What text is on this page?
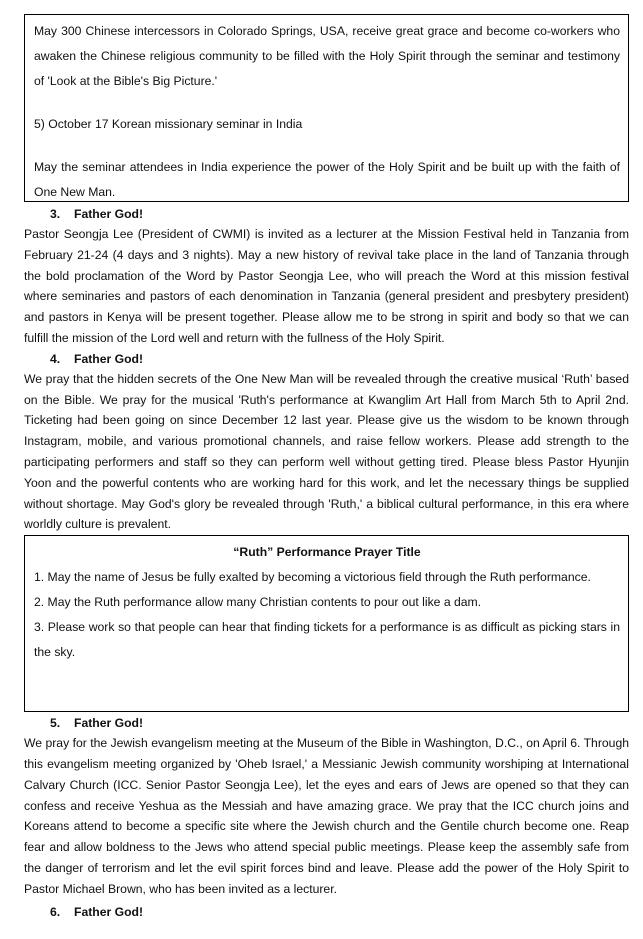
May 300 Chinese intercessors in Colorado Springs, USA, receive great grace and become co-workers who awaken the Chinese religious community to be filled with the Holy Spirit through the seminar and testimony of 'Look at the Bible's Big Picture.'

5) October 17 Korean missionary seminar in India

May the seminar attendees in India experience the power of the Holy Spirit and be built up with the faith of One New Man.

3. Father God!

Pastor Seongja Lee (President of CWMI) is invited as a lecturer at the Mission Festival held in Tanzania from February 21-24 (4 days and 3 nights). May a new history of revival take place in the land of Tanzania through the bold proclamation of the Word by Pastor Seongja Lee, who will preach the Word at this mission festival where seminaries and pastors of each denomination in Tanzania (general president and presbytery president) and pastors in Kenya will be present together. Please allow me to be strong in spirit and body so that we can fulfill the mission of the Lord well and return with the fullness of the Holy Spirit.

4. Father God!

We pray that the hidden secrets of the One New Man will be revealed through the creative musical ‘Ruth’ based on the Bible. We pray for the musical 'Ruth's performance at Kwanglim Art Hall from March 5th to April 2nd. Ticketing had been going on since December 12 last year. Please give us the wisdom to be known through Instagram, mobile, and various promotional channels, and raise fellow workers. Please add strength to the participating performers and staff so they can perform well without getting tired. Please bless Pastor Hyunjin Yoon and the powerful contents who are working hard for this work, and let the necessary things be supplied without shortage. May God's glory be revealed through 'Ruth,' a biblical cultural performance, in this era where worldly culture is prevalent.

“Ruth” Performance Prayer Title

1. May the name of Jesus be fully exalted by becoming a victorious field through the Ruth performance.

2. May the Ruth performance allow many Christian contents to pour out like a dam.

3. Please work so that people can hear that finding tickets for a performance is as difficult as picking stars in the sky.

5. Father God!

We pray for the Jewish evangelism meeting at the Museum of the Bible in Washington, D.C., on April 6. Through this evangelism meeting organized by 'Oheb Israel,' a Messianic Jewish community worshiping at International Calvary Church (ICC. Senior Pastor Seongja Lee), let the eyes and ears of Jews are opened so that they can confess and receive Yeshua as the Messiah and have amazing grace. We pray that the ICC church joins and Koreans attend to become a specific site where the Jewish church and the Gentile church become one. Reap fear and allow boldness to the Jews who attend special public meetings. Please keep the assembly safe from the danger of terrorism and let the evil spirit forces bind and leave. Please add the power of the Holy Spirit to Pastor Michael Brown, who has been invited as a lecturer.

6. Father God!
